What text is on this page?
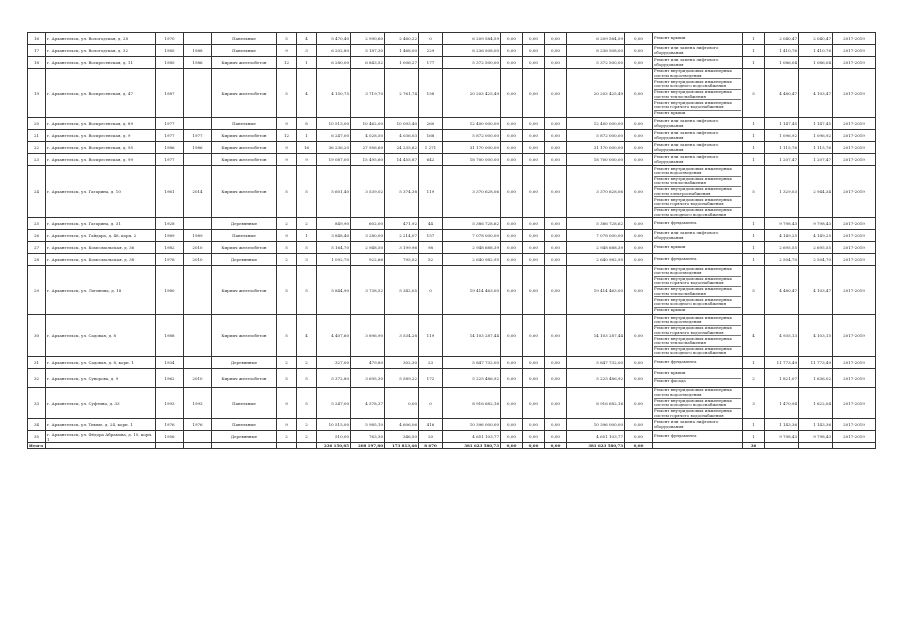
16	г. Архангельск, ул. Вологодская, д. 28	1970		Панельные	5	4	5 470,40	2 990,60	2 460,22	0	6 209 584,59	0,00	0,00	0,00	6 209 584,59	0,00	Ремонт крыши	1	2 040,47	2 040,47	2017-2019
17	г. Архангельск, ул. Вологодская, д. 32	1985	1988	Панельные	9	3	6 202,80	5 187,30	1 468,00	229	8 236 508,00	0,00	0,00	0,00	8 236 508,00	0,00	Ремонт или замена лифтового оборудования	1	1 410,76	1 410,76	2017-2019
18	г. Архангельск, ул. Воскресенская, д. 11	1985	1986	Кирпич железобетон	12	1	6 280,00	6 843,52	1 006,27	177	5 372 500,00	0,00	0,00	0,00	5 372 500,00	0,00	Ремонт или замена лифтового оборудования	1	1 086,04	1 086,04	2017-2019
19	г. Архангельск, ул. Воскресенская, д. 47	1987		Кирпич железобетон	5	4	4 150,75	3 719,70	2 761,74	158	20 203 425,49	0,00	0,00	0,00	20 203 425,49	0,00	Ремонт внутридомовых инженерных систем водоотведения
Ремонт внутридомовых инженерных систем холодного водоснабжения
Ремонт внутридомовых инженерных систем теплоснабжения
Ремонт внутридомовых инженерных систем горячего водоснабжения
Ремонт крыши	5	4 480,47	4 103,47	2017-2019
20	г. Архангельск, ул. Воскресенская, д. 89	1977		Панельные	9	8	10 513,00	10 462,00	10 093,40	260	12 400 000,00	0,00	0,00	0,00	12 400 000,00	0,00	Ремонт или замена лифтового оборудования	1	1 147,45	1 147,45	2017-2019
21	г. Архангельск, ул. Воскресенская, д. 9	1977	1977	Кирпич железобетон	12	1	6 247,00	4 028,50	4 036,03	168	5 872 000,00	0,00	0,00	0,00	5 872 000,00	0,00	Ремонт или замена лифтового оборудования	1	1 096,92	1 096,92	2017-2019
22	г. Архангельск, ул. Воскресенская, д. 95	1986	1986	Кирпич железобетон	9	16	36 236,20	27 956,60	24 235,62	1 271	31 170 000,00	0,00	0,00	0,00	31 170 000,00	0,00	Ремонт или замена лифтового оборудования	1	1 115,76	1 115,76	2017-2019
23	г. Архангельск, ул. Воскресенская, д. 99	1977		Кирпич железобетон	9	9	19 087,00	15 495,60	14 455,87	642	18 700 000,00	0,00	0,00	0,00	18 700 000,00	0,00	Ремонт или замена лифтового оборудования	1	1 207,47	1 207,47	2017-2019
24	г. Архангельск, ул. Гагарина, д. 10	1961	2014	Кирпич железобетон	5	5	5 601,40	3 539,02	5 374,38	119	3 370 628,06	0,00	0,00	0,00	3 370 628,06	0,00	Ремонт внутридомовых инженерных систем водоотведения
Ремонт внутридомовых инженерных систем теплоснабжения
Ремонт внутридомовых инженерных систем электроснабжения
Ремонт внутридомовых инженерных систем горячего водоснабжения
Ремонт внутридомовых инженерных систем холодного водоснабжения	5	1 329,03	2 944,34	2017-2019
25	г. Архангельск, ул. Гагарина, д. 31	1928		Деревянные	2	2	849,90	602,00	471,92	44	5 386 728,62	0,00	0,00	0,00	5 386 728,62	0,00	Ремонт фундамента	1	9 798,43	9 798,43	2017-2019
26	г. Архангельск, ул. Гайдара, д. 46, корп. 2	1989	1989	Панельные	9	1	3 848,40	3 280,00	2 214,07	157	7 078 000,00	0,00	0,00	0,00	7 078 000,00	0,00	Ремонт или замена лифтового оборудования	1	4 149,25	4 149,25	2017-2019
27	г. Архангельск, ул. Комсомольская, д. 36	1982	2010	Кирпич железобетон	5	5	5 164,70	2 948,50	3 199,96	98	2 948 688,39	0,00	0,00	0,00	2 948 688,39	0,00	Ремонт крыши	1	2 695,55	2 695,55	2017-2019
28	г. Архангельск, ул. Комсомольская, д. 38	1976	2010	Деревянные	2	3	1 092,70	922,66	795,02	52	2 640 982,95	0,00	0,00	0,00	2 640 982,95	0,00	Ремонт фундамента	1	2 504,70	2 504,70	2017-2019
29	г. Архангельск, ул. Логинова, д. 18	1980		Кирпич железобетон	5	5	5 844,90	3 738,52	5 342,05	0	19 414 463,00	0,00	0,00	0,00	19 414 463,00	0,00	Ремонт внутридомовых инженерных систем водоотведения
Ремонт внутридомовых инженерных систем горячего водоснабжения
Ремонт внутридомовых инженерных систем теплоснабжения
Ремонт внутридомовых инженерных систем холодного водоснабжения
Ремонт крыши	5	4 480,47	4 103,47	2017-2019
30	г. Архангельск, ул. Садовая, д. 8	1988		Кирпич железобетон	5	4	4 407,60	3 896,90	3 534,28	119	14 103 287,44	0,00	0,00	0,00	14 103 287,44	0,00	Ремонт внутридомовых инженерных систем водоотведения
Ремонт внутридомовых инженерных систем горячего водоснабжения
Ремонт внутридомовых инженерных систем теплоснабжения
Ремонт внутридомовых инженерных систем холодного водоснабжения	4	4 935,13	4 103,15	2017-2019
31	г. Архангельск, ул. Садовая, д. 8, корп. 1	1934		Деревянные	2	2	327,00	479,80	302,30	23	5 847 732,00	0,00	0,00	0,00	5 847 732,00	0,00	Ремонт фундамента	1	11 773,49	11 773,49	2017-2019
32	г. Архангельск, ул. Суворова, д. 9	1962	2010	Кирпич железобетон	5	5	5 372,80	3 695,30	5 589,22	172	5 225 486,92	0,00	0,00	0,00	5 225 486,92	0,00	Ремонт крыши
Ремонт фасада	2	1 821,07	1 636,02	2017-2019
33	г. Архангельск, ул. Суфтина, д. 33	1993	1993	Панельные	9	5	5 247,00	4 578,37	0,00	0	8 916 682,16	0,00	0,00	0,00	8 916 682,16	0,00	Ремонт внутридомовых инженерных систем водоотведения
Ремонт внутридомовых инженерных систем холодного водоснабжения
Ремонт внутридомовых инженерных систем горячего водоснабжения	3	1 470,94	1 622,04	2017-2019
34	г. Архангельск, ул. Тимме, д. 24, корп. 1	1976	1976	Панельные	9	2	10 515,00	5 985,10	4 606,06	416	10 396 000,00	0,00	0,00	0,00	10 396 000,00	0,00	Ремонт или замена лифтового оборудования	1	1 143,36	1 143,36	2017-2019
35	г. Архангельск, ул. Фёдора Абрамова, д. 10, корп. 1	1956		Деревянные	2	2	510,00	763,30	346,50	20	4 651 103,77	0,00	0,00	0,00	4 651 103,77	0,00	Ремонт фундамента	1	9 798,43	9 798,43	2017-2019
Итого							236 150,85	208 197,80	173 813,46	8 670	381 623 580,73	0,00	0,00	0,00	381 623 580,73	0,00		36			
